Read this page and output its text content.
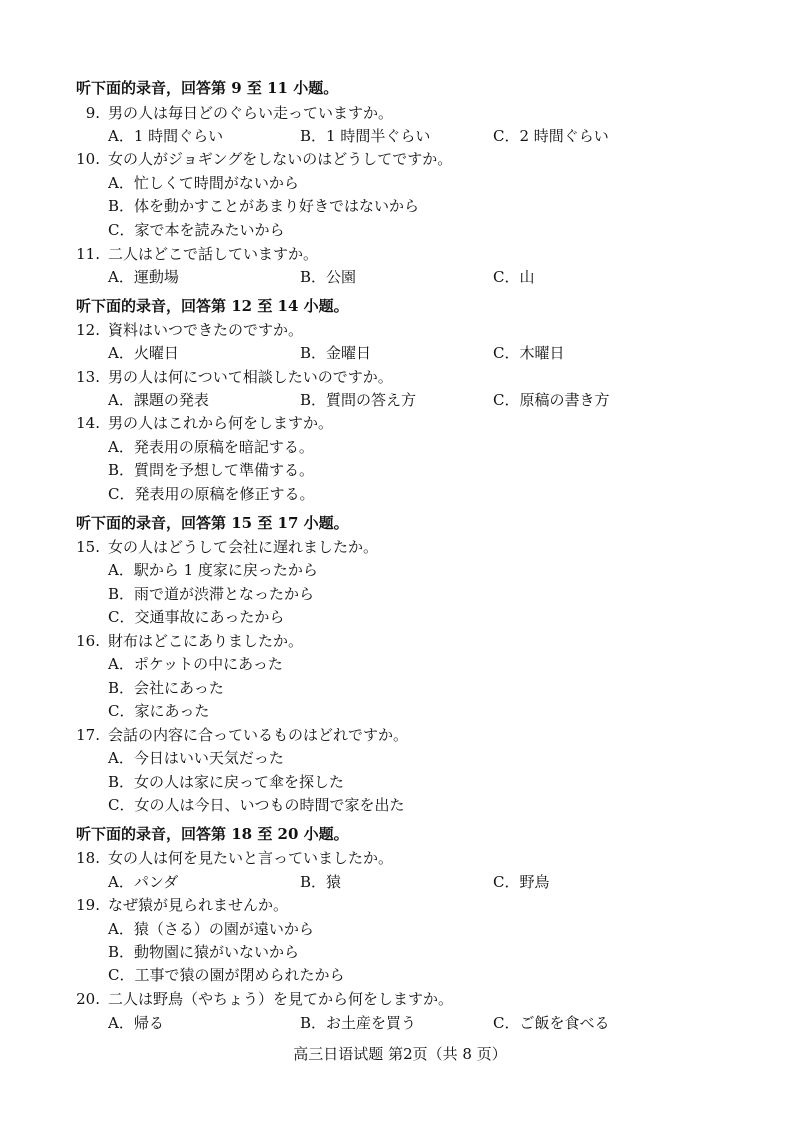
听下面的录音，回答第 9 至 11 小题。
9. 男の人は毎日どのぐらい走っていますか。
A．1 時間ぐらい	B．1 時間半ぐらい	C．2 時間ぐらい
10. 女の人がジョギングをしないのはどうしてですか。
A．忙しくて時間がないから
B．体を動かすことがあまり好きではないから
C．家で本を読みたいから
11. 二人はどこで話していますか。
A．運動場	B．公園	C．山
听下面的录音，回答第 12 至 14 小题。
12. 資料はいつできたのですか。
A．火曜日	B．金曜日	C．木曜日
13. 男の人は何について相談したいのですか。
A．課題の発表	B．質問の答え方	C．原稿の書き方
14. 男の人はこれから何をしますか。
A．発表用の原稿を暗記する。
B．質問を予想して準備する。
C．発表用の原稿を修正する。
听下面的录音，回答第 15 至 17 小题。
15. 女の人はどうして会社に遅れましたか。
A．駅から 1 度家に戻ったから
B．雨で道が渋滞となったから
C．交通事故にあったから
16. 財布はどこにありましたか。
A．ポケットの中にあった
B．会社にあった
C．家にあった
17. 会話の内容に合っているものはどれですか。
A．今日はいい天気だった
B．女の人は家に戻って傘を探した
C．女の人は今日、いつもの時間で家を出た
听下面的录音，回答第 18 至 20 小题。
18. 女の人は何を見たいと言っていましたか。
A．パンダ	B．猿	C．野鳥
19. なぜ猿が見られませんか。
A．猿（さる）の園が遠いから
B．動物園に猿がいないから
C．工事で猿の園が閉められたから
20. 二人は野鳥（やちょう）を見てから何をしますか。
A．帰る	B．お土産を買う	C．ご飯を食べる
高三日语试题 第2页（共 8 页）
